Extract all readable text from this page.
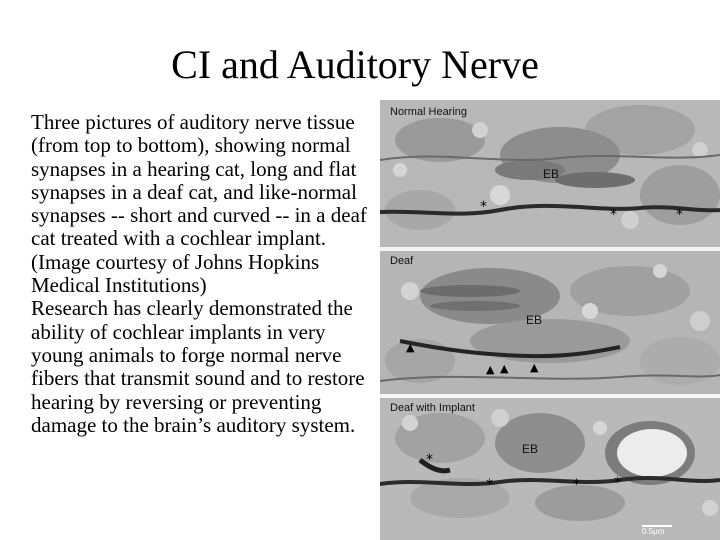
CI and Auditory Nerve

Three pictures of auditory nerve tissue (from top to bottom), showing normal synapses in a hearing cat, long and flat synapses in a deaf cat, and like-normal synapses -- short and curved -- in a deaf cat treated with a cochlear implant. (Image courtesy of Johns Hopkins Medical Institutions)

Research has clearly demonstrated the ability of cochlear implants in very young animals to forge normal nerve fibers that transmit sound and to restore hearing by reversing or preventing damage to the brain’s auditory system.

Normal Hearing
EB
*	*	*
Deaf
EB
▲
▲ ▲ ▲
Deaf with Implant
EB
*
*	* *
0.5µm
